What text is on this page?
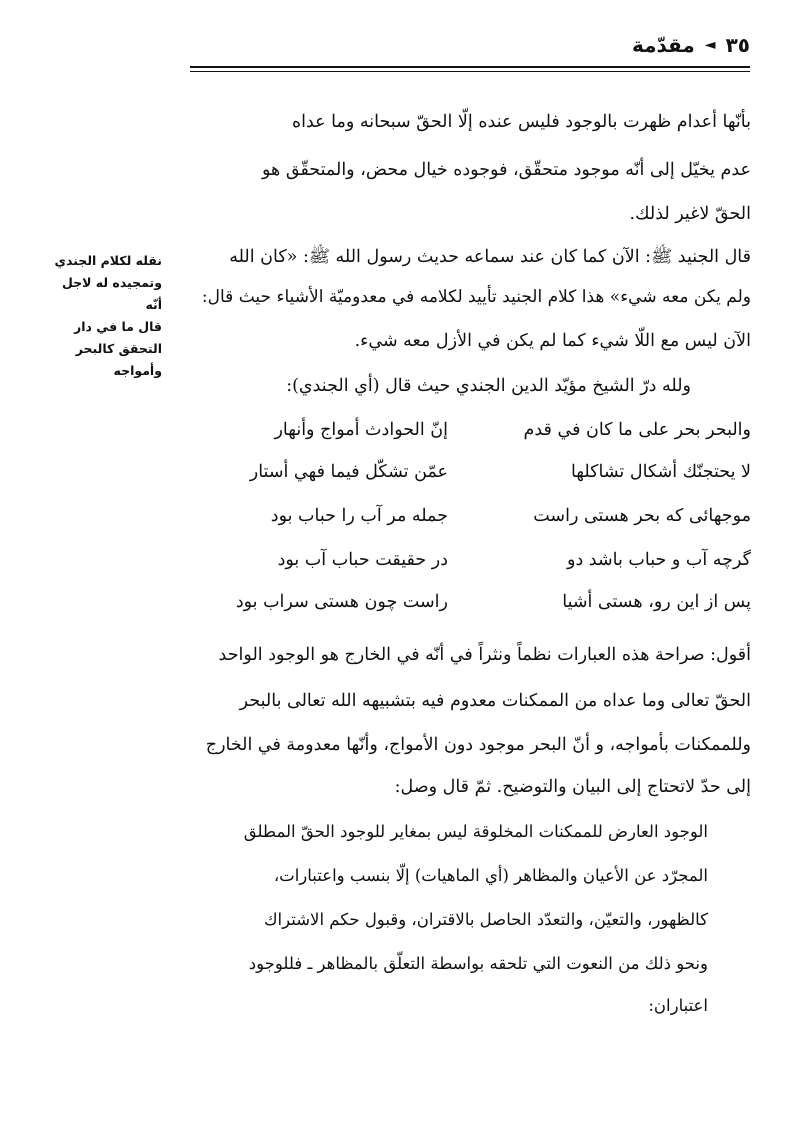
٣٥
◄
مقدّمة
بأنّها أعدام ظهرت بالوجود فليس عنده إلّا الحقّ سبحانه وما عداه
عدم يخيّل إلى أنّه موجود متحقّق، فوجوده خيال محض، والمتحقّق هو
الحقّ لاغير لذلك.
قال الجنيد ﷺ: الآن كما كان عند سماعه حديث رسول الله ﷺ: «كان الله
ولم يكن معه شيء» هذا كلام الجنيد تأييد لكلامه في معدوميّة الأشياء حيث قال:
الآن ليس مع اللّا شيء كما لم يكن في الأزل معه شيء.
نقله لكلام الجندي
وتمجيده له لاجل أنّه
قال ما في دار
التحقق كالبحر
وأمواجه
ولله درّ الشيخ مؤيّد الدين الجندي حيث قال (أي الجندي):
والبحر بحر على ما كان في قدم
إنّ الحوادث أمواج وأنهار
لا يحتجنّك أشكال تشاكلها
عمّن تشكّل فيما فهي أستار
موجهائى كه بحر هستى راست
جمله مر آب را حباب بود
گرچه آب و حباب باشد دو
در حقيقت حباب آب بود
پس از اين رو، هستى أشيا
راست چون هستى سراب بود
أقول: صراحة هذه العبارات نظماً ونثراً في أنّه في الخارج هو الوجود الواحد
الحقّ تعالى وما عداه من الممكنات معدوم فيه بتشبيهه الله تعالى بالبحر
وللممكنات بأمواجه، و أنّ البحر موجود دون الأمواج، وأنّها معدومة في الخارج
إلى حدّ لاتحتاج إلى البيان والتوضيح. ثمّ قال وصل:
الوجود العارض للممكنات المخلوقة ليس بمغاير للوجود الحقّ المطلق
المجرّد عن الأعيان والمظاهر (أي الماهيات) إلّا بنسب واعتبارات،
كالظهور، والتعيّن، والتعدّد الحاصل بالاقتران، وقبول حكم الاشتراك
ونحو ذلك من النعوت التي تلحقه بواسطة التعلّق بالمظاهر ـ فللوجود
اعتباران:
